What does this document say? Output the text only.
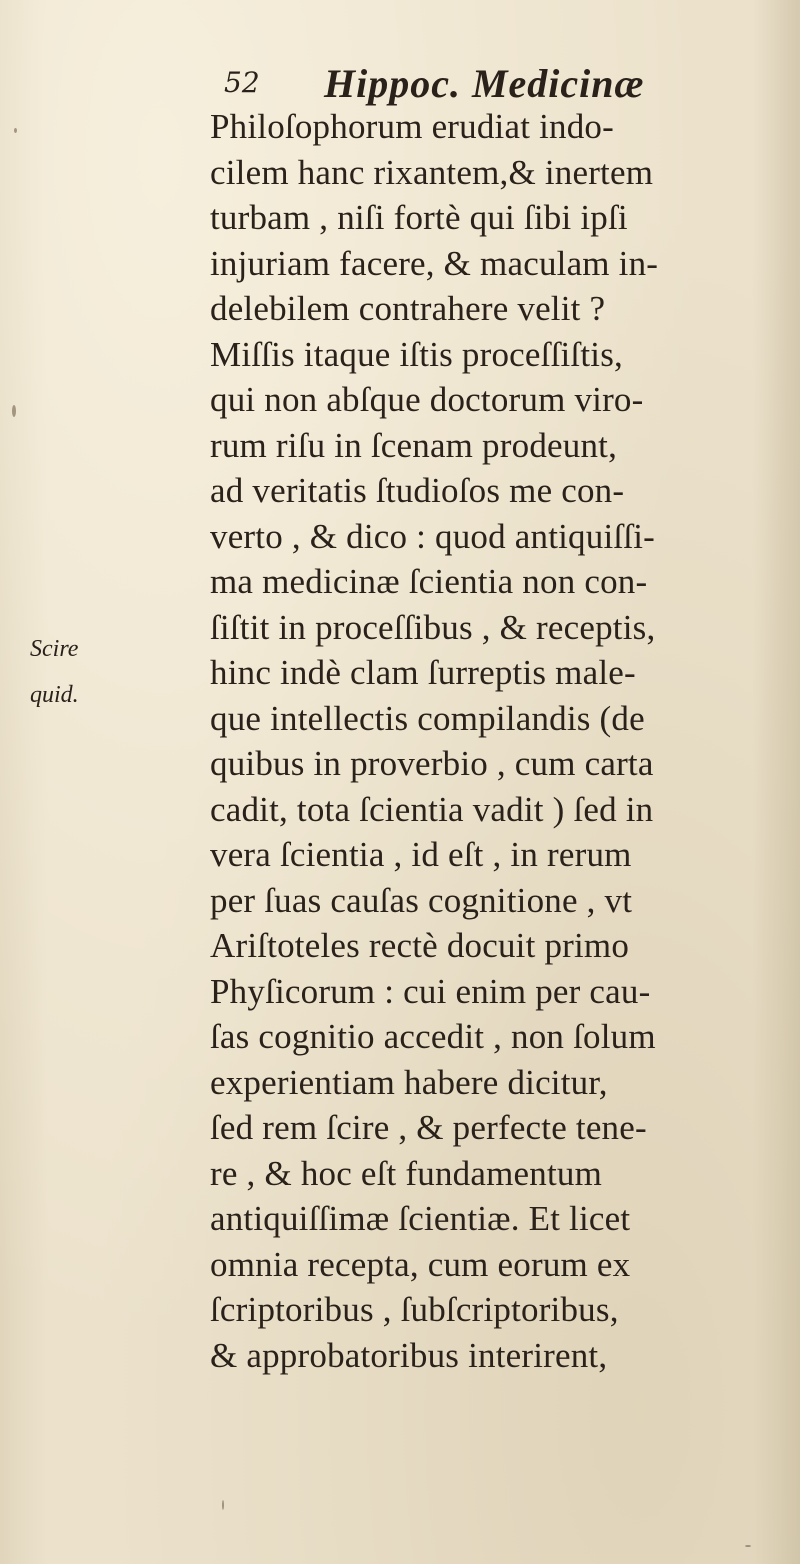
52 Hippoc. Medicinæ
Scire
quid.
Philoſophorum erudiat indo-
cilem hanc rixantem,& inertem
turbam , niſi fortè qui ſibi ipſi
injuriam facere, & maculam in-
delebilem contrahere velit ?
Miſſis itaque iſtis proceſſiſtis,
qui non abſque doctorum viro-
rum riſu in ſcenam prodeunt,
ad veritatis ſtudioſos me con-
verto , & dico : quod antiquiſſi-
ma medicinæ ſcientia non con-
ſiſtit in proceſſibus , & receptis,
hinc indè clam ſurreptis male-
que intellectis compilandis (de
quibus in proverbio , cum carta
cadit, tota ſcientia vadit ) ſed in
vera ſcientia , id eſt , in rerum
per ſuas cauſas cognitione , vt
Ariſtoteles rectè docuit primo
Phyſicorum : cui enim per cau-
ſas cognitio accedit , non ſolum
experientiam habere dicitur,
ſed rem ſcire , & perfecte tene-
re , & hoc eſt fundamentum
antiquiſſimæ ſcientiæ. Et licet
omnia recepta, cum eorum ex
ſcriptoribus , ſubſcriptoribus,
& approbatoribus interirent,
